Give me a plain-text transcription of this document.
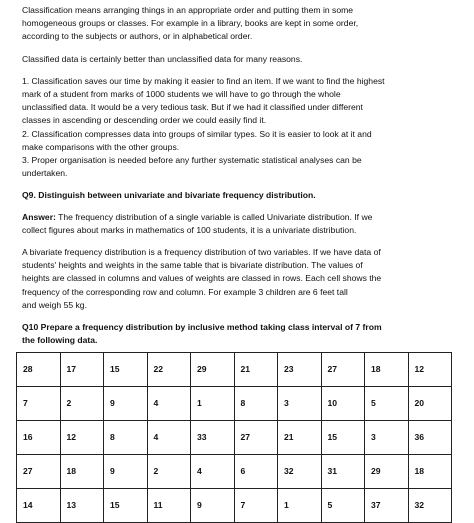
Classification means arranging things in an appropriate order and putting them in some
homogeneous groups or classes. For example in a library, books are kept in some order,
according to the subjects or authors, or in alphabetical order.

Classified data is certainly better than unclassified data for many reasons.

1. Classification saves our time by making it easier to find an item. If we want to find the highest

mark of a student from marks of 1000 students we will have to go through the whole

unclassified data. It would be a very tedious task. But if we had it classified under different

classes in ascending or descending order we could easily find it.

2. Classification compresses data into groups of similar types. So it is easier to look at it and

make comparisons with the other groups.

3. Proper organisation is needed before any further systematic statistical analyses can be

undertaken.

Q9. Distinguish between univariate and bivariate frequency distribution.

Answer: The frequency distribution of a single variable is called Univariate distribution. If we
collect figures about marks in mathematics of 100 students, it is a univariate distribution.

A bivariate frequency distribution is a frequency distribution of two variables. If we have data of
students' heights and weights in the same table that is bivariate distribution. The values of
heights are classed in columns and values of weights are classed in rows. Each cell shows the
frequency of the corresponding row and column. For example 3 children are 6 feet tall
and weigh 55 kg.

Q10 Prepare a frequency distribution by inclusive method taking class interval of 7 from
the following data.

28	17	15	22	29	21	23	27	18	12
7	2	9	4	1	8	3	10	5	20
16	12	8	4	33	27	21	15	3	36
27	18	9	2	4	6	32	31	29	18
14	13	15	11	9	7	1	5	37	32
